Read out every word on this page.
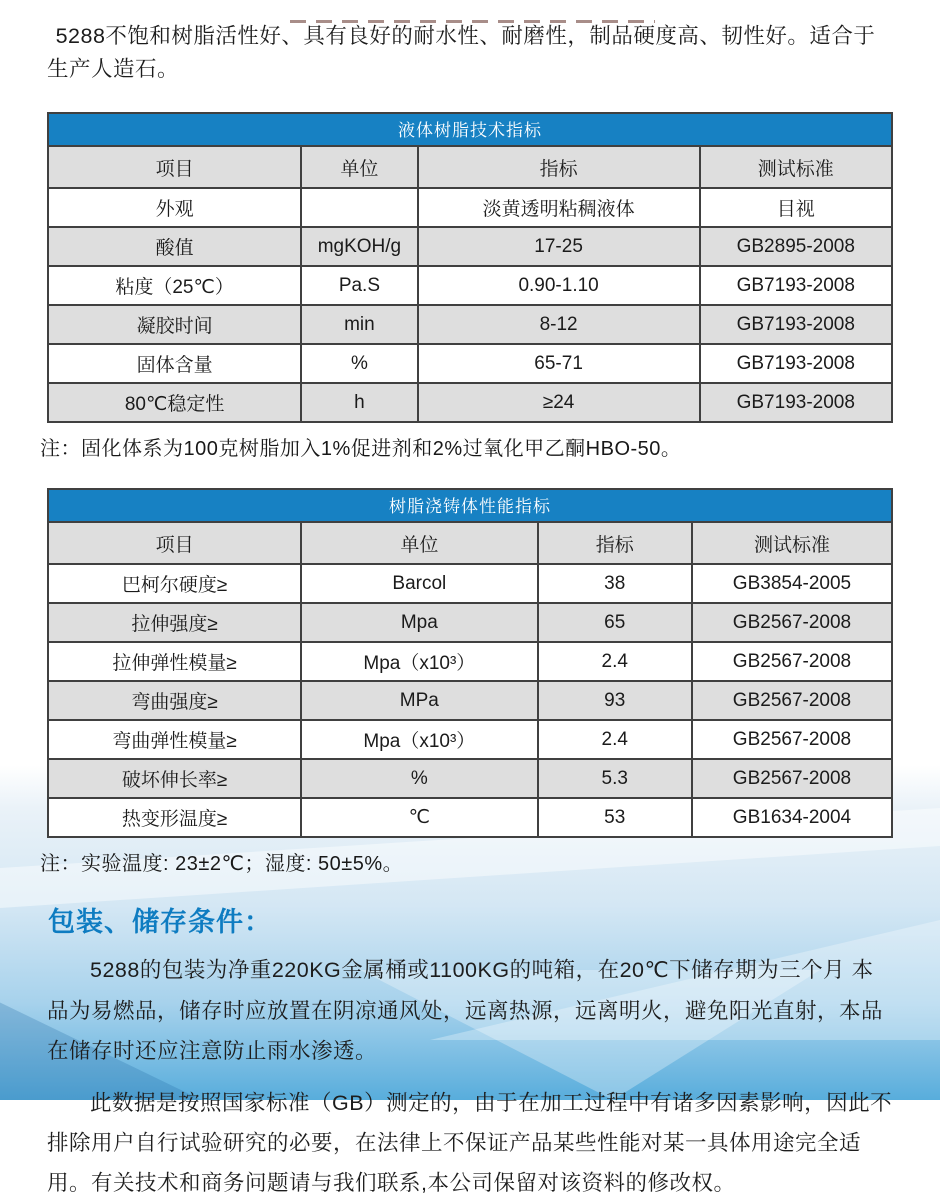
5288不饱和树脂活性好、具有良好的耐水性、耐磨性，制品硬度高、韧性好。适合于生产人造石。

液体树脂技术指标
项目	单位	指标	测试标准
外观		淡黄透明粘稠液体	目视
酸值	mgKOH/g	17-25	GB2895-2008
粘度（25℃）	Pa.S	0.90-1.10	GB7193-2008
凝胶时间	min	8-12	GB7193-2008
固体含量	%	65-71	GB7193-2008
80℃稳定性	h	≥24	GB7193-2008

注：固化体系为100克树脂加入1%促进剂和2%过氧化甲乙酮HBO-50。

树脂浇铸体性能指标
项目	单位	指标	测试标准
巴柯尔硬度≥	Barcol	38	GB3854-2005
拉伸强度≥	Mpa	65	GB2567-2008
拉伸弹性模量≥	Mpa（x10³）	2.4	GB2567-2008
弯曲强度≥	MPa	93	GB2567-2008
弯曲弹性模量≥	Mpa（x10³）	2.4	GB2567-2008
破坏伸长率≥	%	5.3	GB2567-2008
热变形温度≥	℃	53	GB1634-2004

注：实验温度: 23±2℃；湿度: 50±5%。

包装、储存条件：

5288的包装为净重220KG金属桶或1100KG的吨箱，在20℃下储存期为三个月 本品为易燃品，储存时应放置在阴凉通风处，远离热源，远离明火，避免阳光直射，本品在储存时还应注意防止雨水渗透。

此数据是按照国家标准（GB）测定的，由于在加工过程中有诸多因素影响，因此不排除用户自行试验研究的必要，在法律上不保证产品某些性能对某一具体用途完全适用。有关技术和商务问题请与我们联系,本公司保留对该资料的修改权。
